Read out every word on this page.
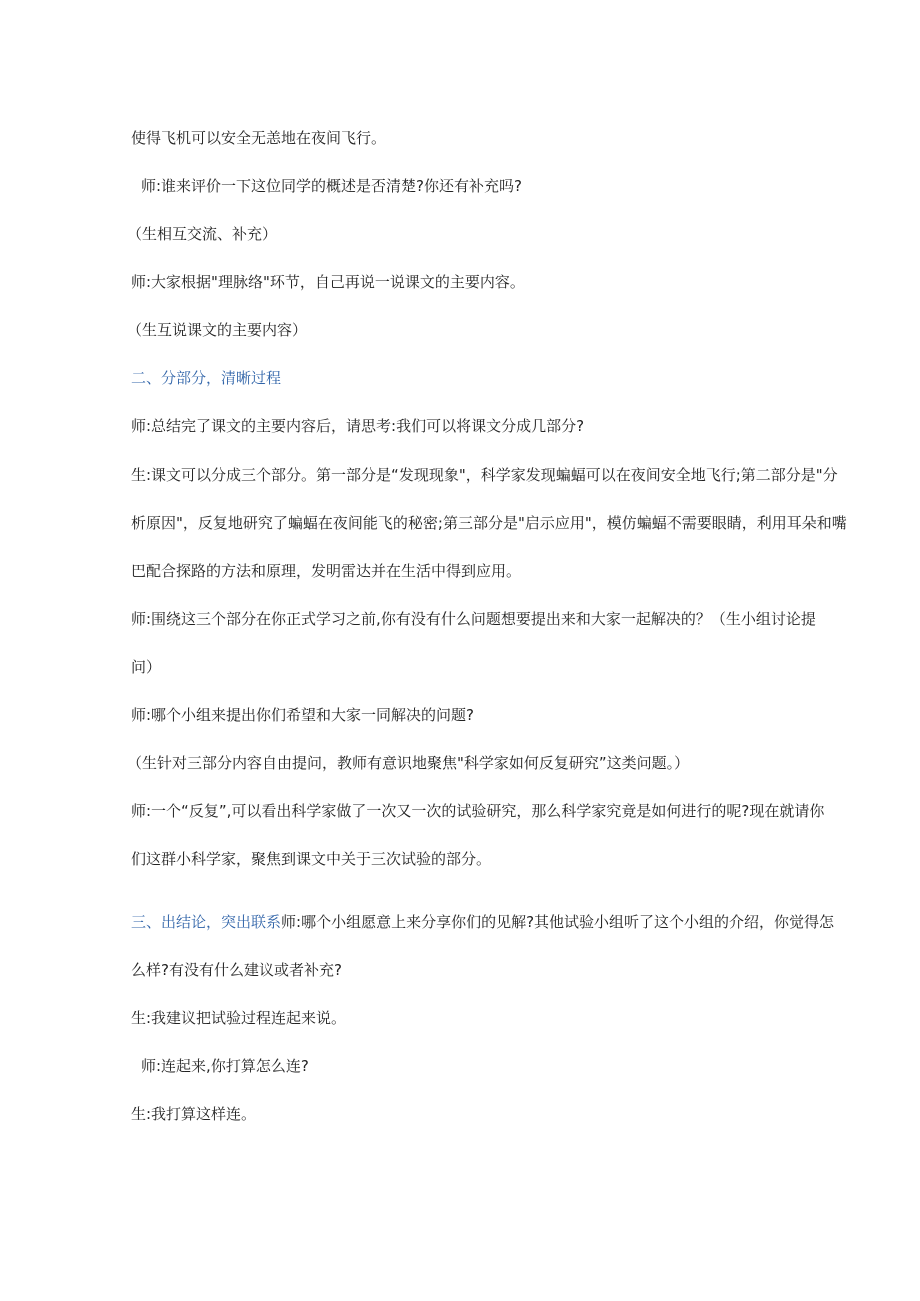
使得飞机可以安全无恙地在夜间飞行。
师:谁来评价一下这位同学的概述是否清楚?你还有补充吗?
（生相互交流、补充）
师:大家根据"理脉络"环节，自己再说一说课文的主要内容。
（生互说课文的主要内容）
二、分部分，清晰过程
师:总结完了课文的主要内容后，请思考:我们可以将课文分成几部分?
生:课文可以分成三个部分。第一部分是“发现现象"，科学家发现蝙蝠可以在夜间安全地飞行;第二部分是"分
析原因"，反复地研究了蝙蝠在夜间能飞的秘密;第三部分是"启示应用"，模仿蝙蝠不需要眼睛，利用耳朵和嘴
巴配合探路的方法和原理，发明雷达并在生活中得到应用。
师:围绕这三个部分在你正式学习之前,你有没有什么问题想要提出来和大家一起解决的？（生小组讨论提
问）
师:哪个小组来提出你们希望和大家一同解决的问题?
（生针对三部分内容自由提问，教师有意识地聚焦"科学家如何反复研究”这类问题。）
师:一个“反复”,可以看出科学家做了一次又一次的试验研究，那么科学家究竟是如何进行的呢?现在就请你
们这群小科学家，聚焦到课文中关于三次试验的部分。
三、出结论，突出联系师:哪个小组愿意上来分享你们的见解?其他试验小组听了这个小组的介绍，你觉得怎
么样?有没有什么建议或者补充?
生:我建议把试验过程连起来说。
师:连起来,你打算怎么连?
生:我打算这样连。
